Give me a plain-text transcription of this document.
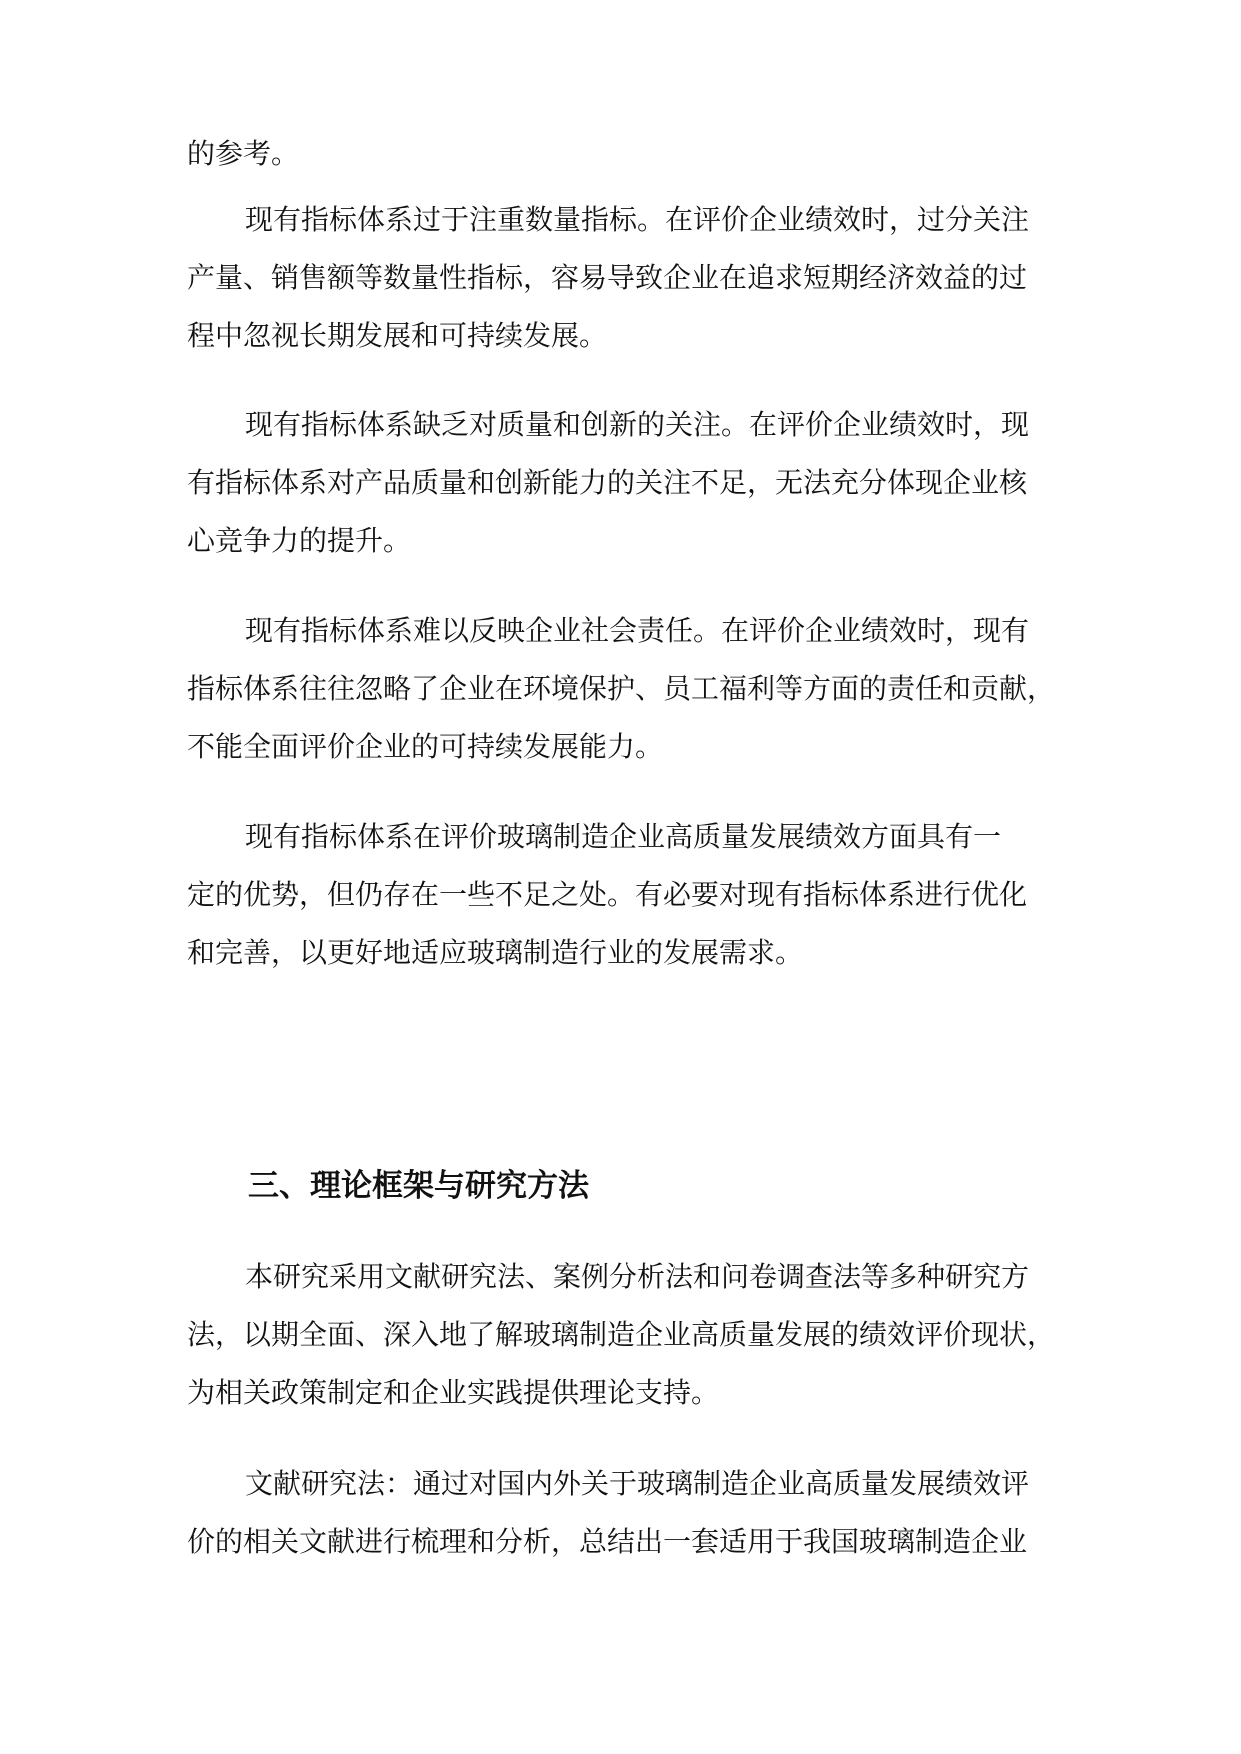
的参考。
现有指标体系过于注重数量指标。在评价企业绩效时，过分关注
产量、销售额等数量性指标，容易导致企业在追求短期经济效益的过
程中忽视长期发展和可持续发展。
现有指标体系缺乏对质量和创新的关注。在评价企业绩效时，现
有指标体系对产品质量和创新能力的关注不足，无法充分体现企业核
心竞争力的提升。
现有指标体系难以反映企业社会责任。在评价企业绩效时，现有
指标体系往往忽略了企业在环境保护、员工福利等方面的责任和贡献，
不能全面评价企业的可持续发展能力。
现有指标体系在评价玻璃制造企业高质量发展绩效方面具有一
定的优势，但仍存在一些不足之处。有必要对现有指标体系进行优化
和完善，以更好地适应玻璃制造行业的发展需求。
三、理论框架与研究方法
本研究采用文献研究法、案例分析法和问卷调查法等多种研究方
法，以期全面、深入地了解玻璃制造企业高质量发展的绩效评价现状，
为相关政策制定和企业实践提供理论支持。
文献研究法：通过对国内外关于玻璃制造企业高质量发展绩效评
价的相关文献进行梳理和分析，总结出一套适用于我国玻璃制造企业
